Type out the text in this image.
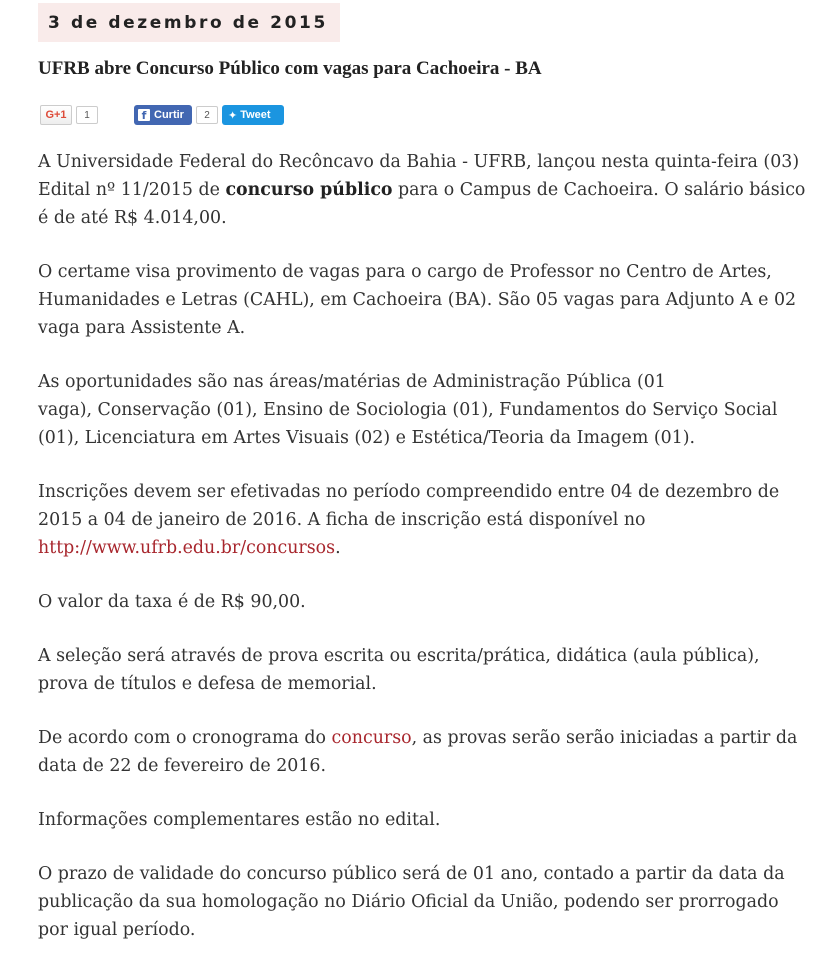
3 de dezembro de 2015
UFRB abre Concurso Público com vagas para Cachoeira - BA
G+1	1	f Curtir	2	✦ Tweet

A Universidade Federal do Recôncavo da Bahia - UFRB, lançou nesta quinta-feira (03) Edital nº 11/2015 de concurso público para o Campus de Cachoeira. O salário básico é de até R$ 4.014,00.

O certame visa provimento de vagas para o cargo de Professor no Centro de Artes, Humanidades e Letras (CAHL), em Cachoeira (BA). São 05 vagas para Adjunto A e 02 vaga para Assistente A.

As oportunidades são nas áreas/matérias de Administração Pública (01
vaga), Conservação (01), Ensino de Sociologia (01), Fundamentos do Serviço Social (01), Licenciatura em Artes Visuais (02) e Estética/Teoria da Imagem (01).

Inscrições devem ser efetivadas no período compreendido entre 04 de dezembro de 2015 a 04 de janeiro de 2016. A ficha de inscrição está disponível no http://www.ufrb.edu.br/concursos.

O valor da taxa é de R$ 90,00.

A seleção será através de prova escrita ou escrita/prática, didática (aula pública), prova de títulos e defesa de memorial.

De acordo com o cronograma do concurso, as provas serão serão iniciadas a partir da data de 22 de fevereiro de 2016.

Informações complementares estão no edital.

O prazo de validade do concurso público será de 01 ano, contado a partir da data da publicação da sua homologação no Diário Oficial da União, podendo ser prorrogado por igual período.
